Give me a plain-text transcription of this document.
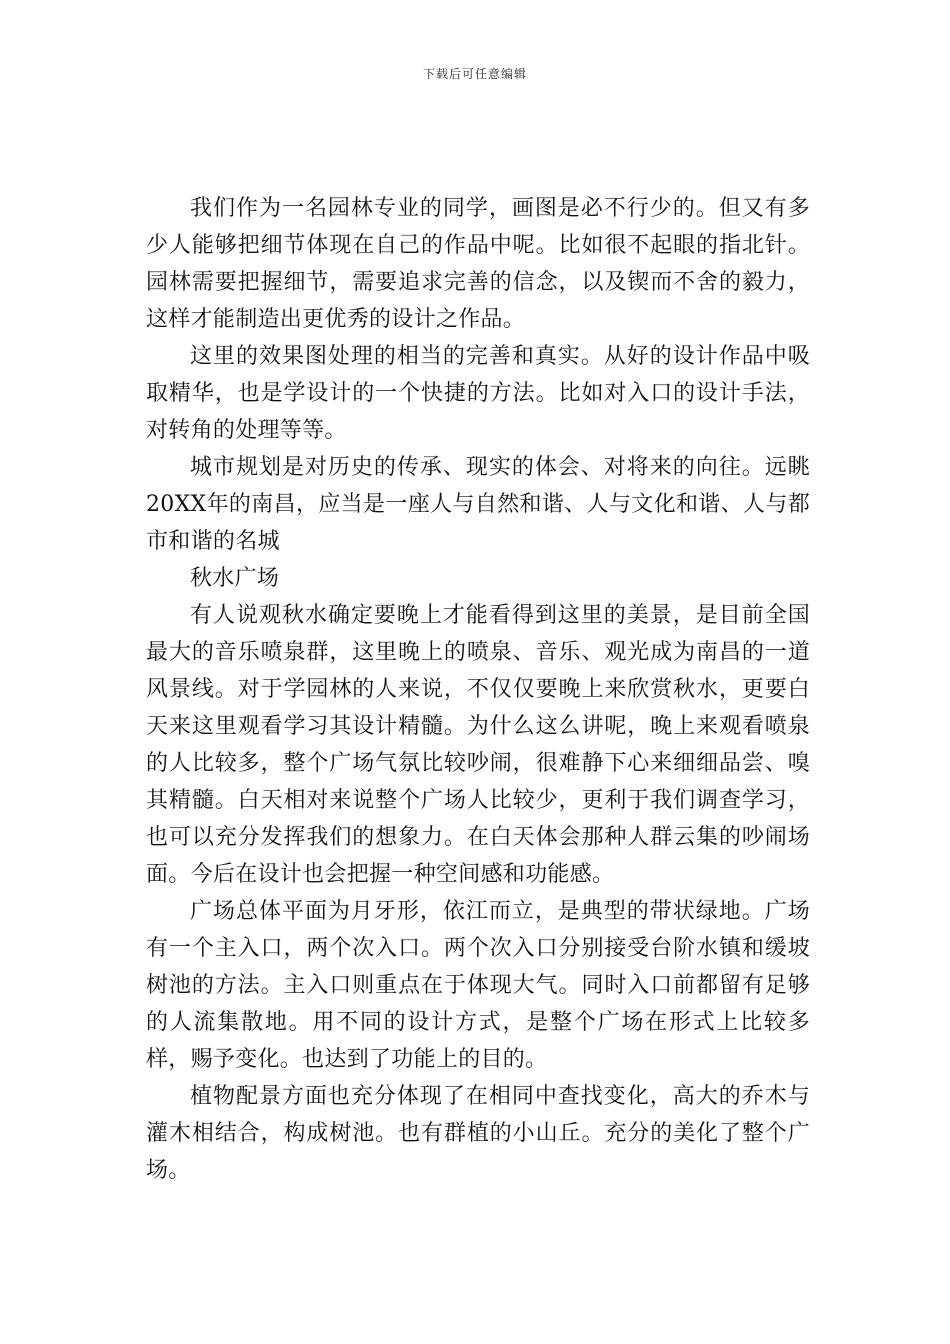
下载后可任意编辑

我们作为一名园林专业的同学，画图是必不行少的。但又有多少人能够把细节体现在自己的作品中呢。比如很不起眼的指北针。园林需要把握细节，需要追求完善的信念，以及锲而不舍的毅力，这样才能制造出更优秀的设计之作品。

这里的效果图处理的相当的完善和真实。从好的设计作品中吸取精华，也是学设计的一个快捷的方法。比如对入口的设计手法，对转角的处理等等。

城市规划是对历史的传承、现实的体会、对将来的向往。远眺20XX年的南昌，应当是一座人与自然和谐、人与文化和谐、人与都市和谐的名城

秋水广场

有人说观秋水确定要晚上才能看得到这里的美景，是目前全国最大的音乐喷泉群，这里晚上的喷泉、音乐、观光成为南昌的一道风景线。对于学园林的人来说，不仅仅要晚上来欣赏秋水，更要白天来这里观看学习其设计精髓。为什么这么讲呢，晚上来观看喷泉的人比较多，整个广场气氛比较吵闹，很难静下心来细细品尝、嗅其精髓。白天相对来说整个广场人比较少，更利于我们调查学习，也可以充分发挥我们的想象力。在白天体会那种人群云集的吵闹场面。今后在设计也会把握一种空间感和功能感。

广场总体平面为月牙形，依江而立，是典型的带状绿地。广场有一个主入口，两个次入口。两个次入口分别接受台阶水镇和缓坡树池的方法。主入口则重点在于体现大气。同时入口前都留有足够的人流集散地。用不同的设计方式，是整个广场在形式上比较多样，赐予变化。也达到了功能上的目的。

植物配景方面也充分体现了在相同中查找变化，高大的乔木与灌木相结合，构成树池。也有群植的小山丘。充分的美化了整个广场。
